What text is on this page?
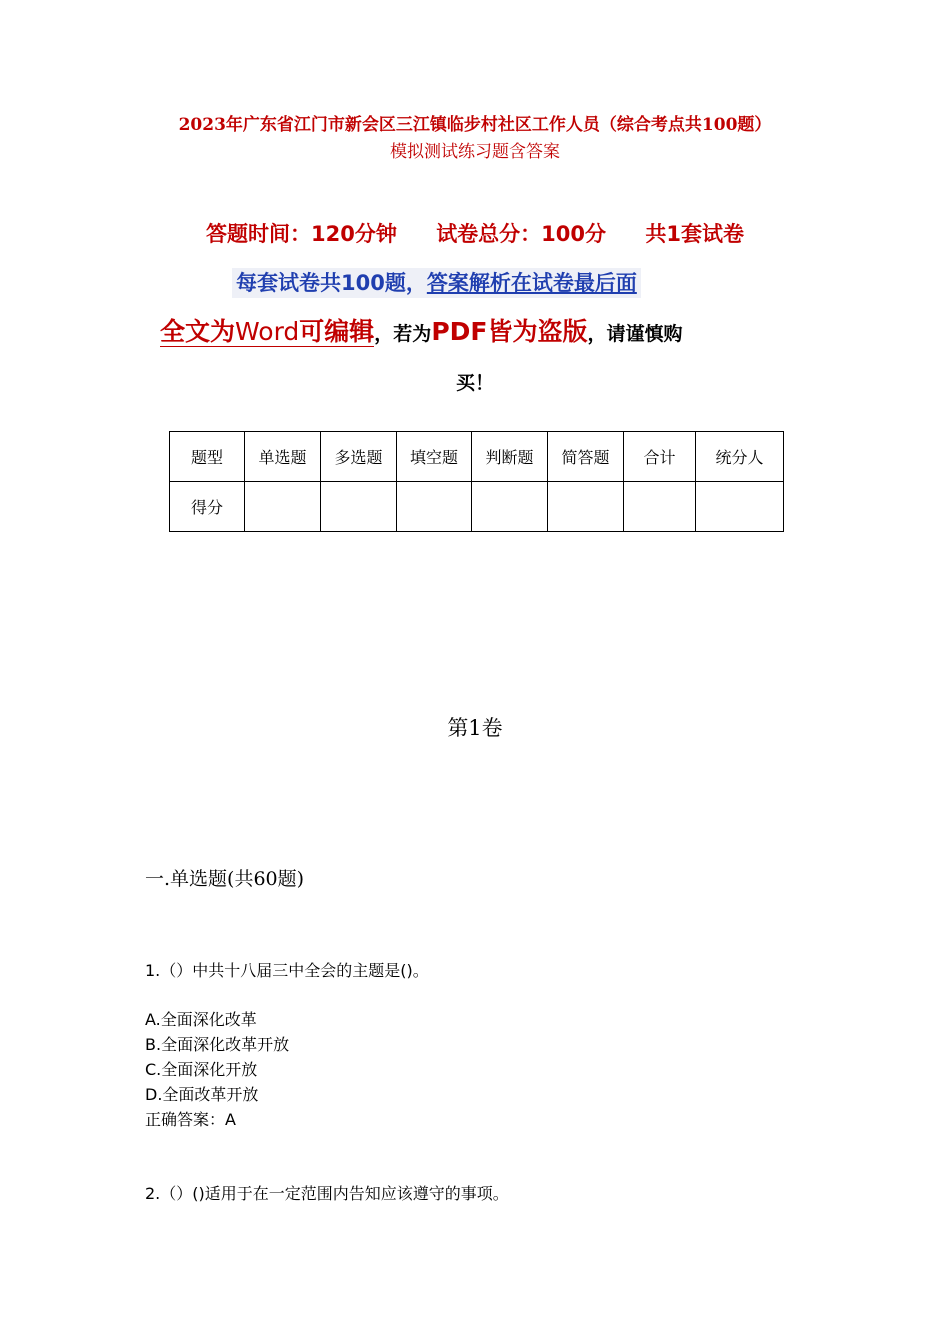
2023年广东省江门市新会区三江镇临步村社区工作人员（综合考点共100题）
模拟测试练习题含答案
答题时间：120分钟 试卷总分：100分 共1套试卷
每套试卷共100题，答案解析在试卷最后面
全文为Word可编辑，若为PDF皆为盗版，请谨慎购
买！
题型	单选题	多选题	填空题	判断题	简答题	合计	统分人
得分							
第1卷
一.单选题(共60题)
1.（）中共十八届三中全会的主题是()。
A.全面深化改革
B.全面深化改革开放
C.全面深化开放
D.全面改革开放
正确答案：A
2.（）()适用于在一定范围内告知应该遵守的事项。
